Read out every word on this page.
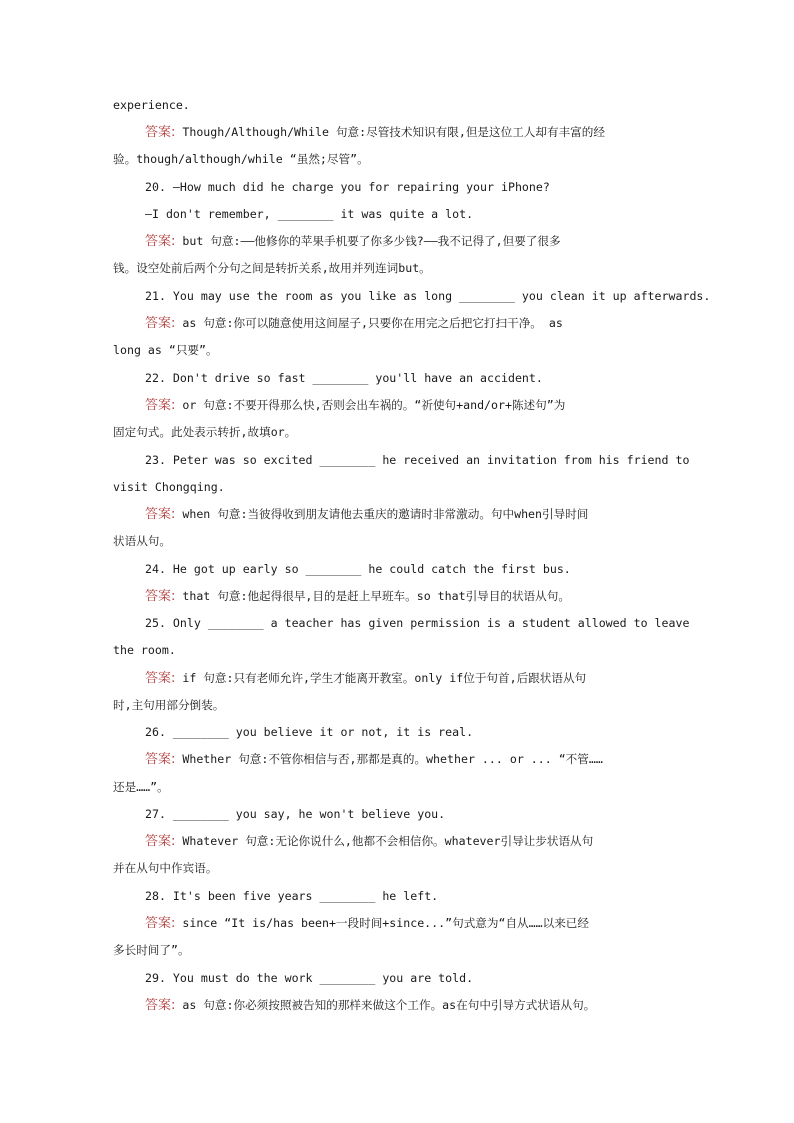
experience.
答案: Though/Although/While 句意:尽管技术知识有限,但是这位工人却有丰富的经
验。though/although/while “虽然;尽管”。
20. —How much did he charge you for repairing your iPhone?
—I don't remember, ________ it was quite a lot.
答案: but 句意:——他修你的苹果手机要了你多少钱?——我不记得了,但要了很多
钱。设空处前后两个分句之间是转折关系,故用并列连词but。
21. You may use the room as you like as long ________ you clean it up afterwards.
答案: as 句意:你可以随意使用这间屋子,只要你在用完之后把它打扫干净。 as
long as “只要”。
22. Don't drive so fast ________ you'll have an accident.
答案: or 句意:不要开得那么快,否则会出车祸的。“祈使句+and/or+陈述句”为
固定句式。此处表示转折,故填or。
23. Peter was so excited ________ he received an invitation from his friend to
visit Chongqing.
答案: when 句意:当彼得收到朋友请他去重庆的邀请时非常激动。句中when引导时间
状语从句。
24. He got up early so ________ he could catch the first bus.
答案: that 句意:他起得很早,目的是赶上早班车。so that引导目的状语从句。
25. Only ________ a teacher has given permission is a student allowed to leave
the room.
答案: if 句意:只有老师允许,学生才能离开教室。only if位于句首,后跟状语从句
时,主句用部分倒装。
26. ________ you believe it or not, it is real.
答案: Whether 句意:不管你相信与否,那都是真的。whether ... or ... “不管……
还是……”。
27. ________ you say, he won't believe you.
答案: Whatever 句意:无论你说什么,他都不会相信你。whatever引导让步状语从句
并在从句中作宾语。
28. It's been five years ________ he left.
答案: since “It is/has been+一段时间+since...”句式意为“自从……以来已经
多长时间了”。
29. You must do the work ________ you are told.
答案: as 句意:你必须按照被告知的那样来做这个工作。as在句中引导方式状语从句。
